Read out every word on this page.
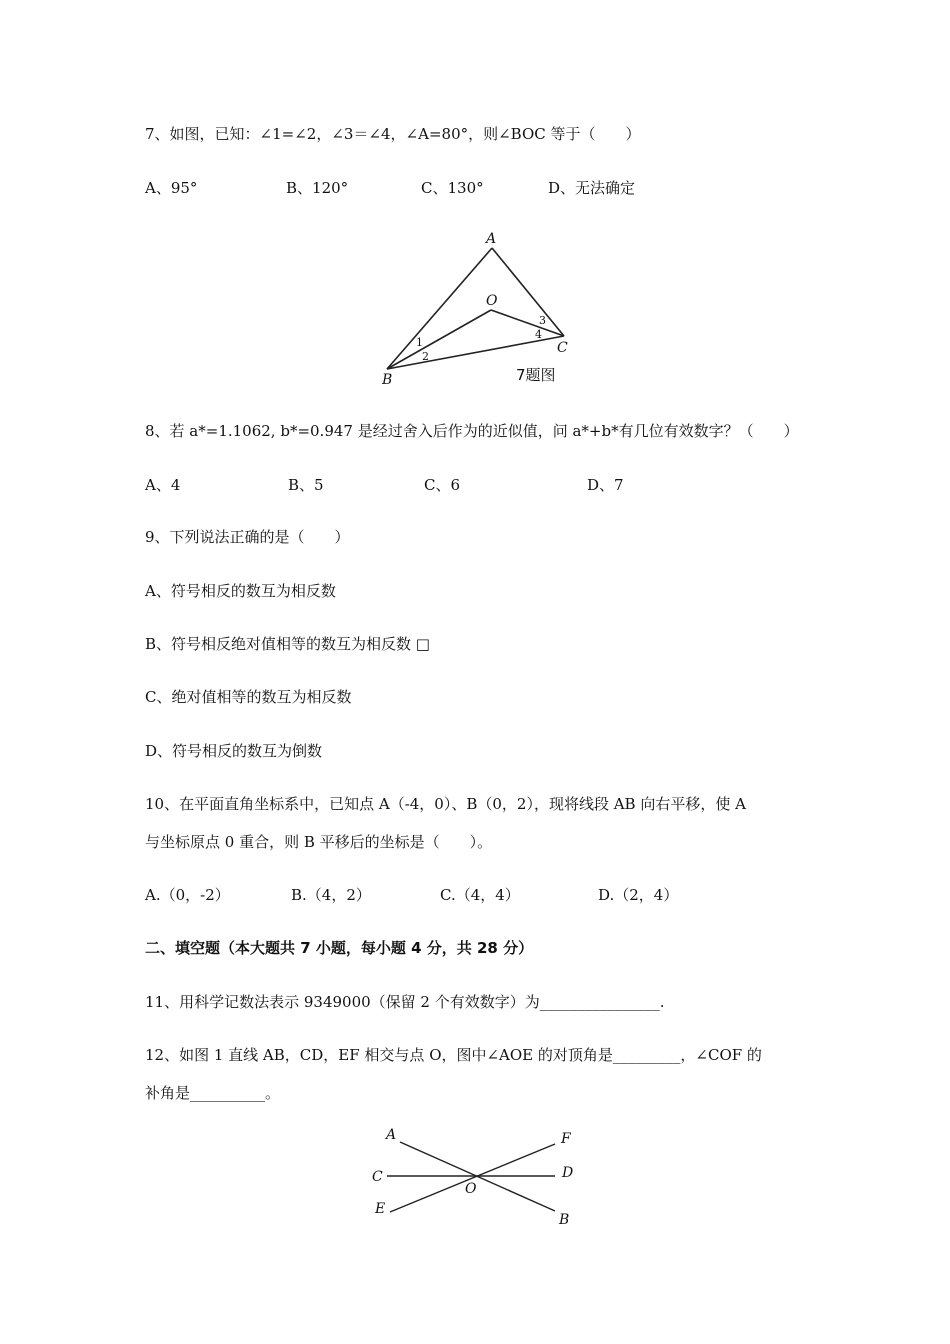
7、如图，已知：∠1=∠2，∠3＝∠4，∠A=80°，则∠BOC 等于（　　）
A、95°	B、120°	C、130°	D、无法确定
A
O
B
C
1
2
3
4
7题图
8、若 a*=1.1062, b*=0.947 是经过舍入后作为的近似值，问 a*+b*有几位有效数字？（　　）
A、4	B、5	C、6	D、7
9、下列说法正确的是（　　）
A、符号相反的数互为相反数
B、符号相反绝对值相等的数互为相反数 □
C、绝对值相等的数互为相反数
D、符号相反的数互为倒数
10、在平面直角坐标系中，已知点 A（-4，0）、B（0，2），现将线段 AB 向右平移，使 A
与坐标原点 0 重合，则 B 平移后的坐标是（　　）。
A.（0，-2）	B.（4，2）	C.（4，4）	D.（2，4）
二、填空题（本大题共 7 小题，每小题 4 分，共 28 分）
11、用科学记数法表示 9349000（保留 2 个有效数字）为________________.
12、如图 1 直线 AB，CD，EF 相交与点 O，图中∠AOE 的对顶角是_________，∠COF 的
补角是__________。
A	F
C	D
O
E
B
